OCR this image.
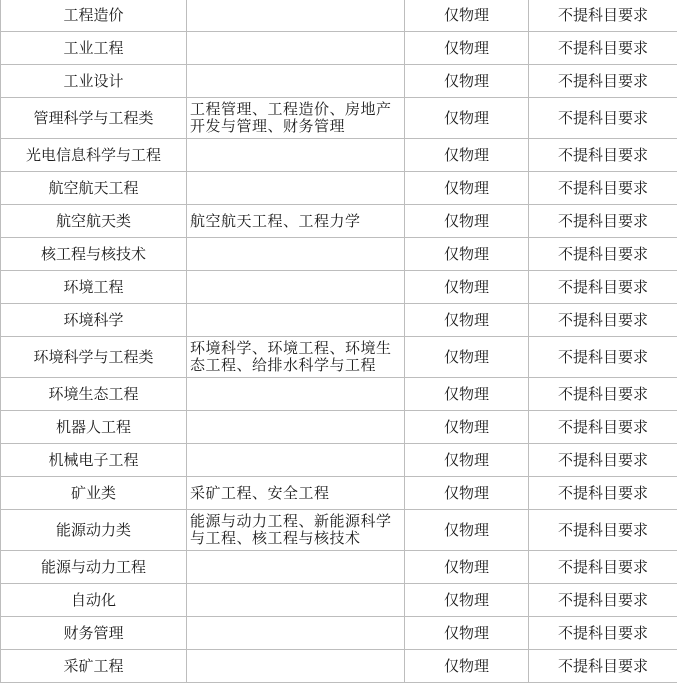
工程造价		仅物理	不提科目要求
工业工程		仅物理	不提科目要求
工业设计		仅物理	不提科目要求
管理科学与工程类	工程管理、工程造价、房地产开发与管理、财务管理	仅物理	不提科目要求
光电信息科学与工程		仅物理	不提科目要求
航空航天工程		仅物理	不提科目要求
航空航天类	航空航天工程、工程力学	仅物理	不提科目要求
核工程与核技术		仅物理	不提科目要求
环境工程		仅物理	不提科目要求
环境科学		仅物理	不提科目要求
环境科学与工程类	环境科学、环境工程、环境生态工程、给排水科学与工程	仅物理	不提科目要求
环境生态工程		仅物理	不提科目要求
机器人工程		仅物理	不提科目要求
机械电子工程		仅物理	不提科目要求
矿业类	采矿工程、安全工程	仅物理	不提科目要求
能源动力类	能源与动力工程、新能源科学与工程、核工程与核技术	仅物理	不提科目要求
能源与动力工程		仅物理	不提科目要求
自动化		仅物理	不提科目要求
财务管理		仅物理	不提科目要求
采矿工程		仅物理	不提科目要求
